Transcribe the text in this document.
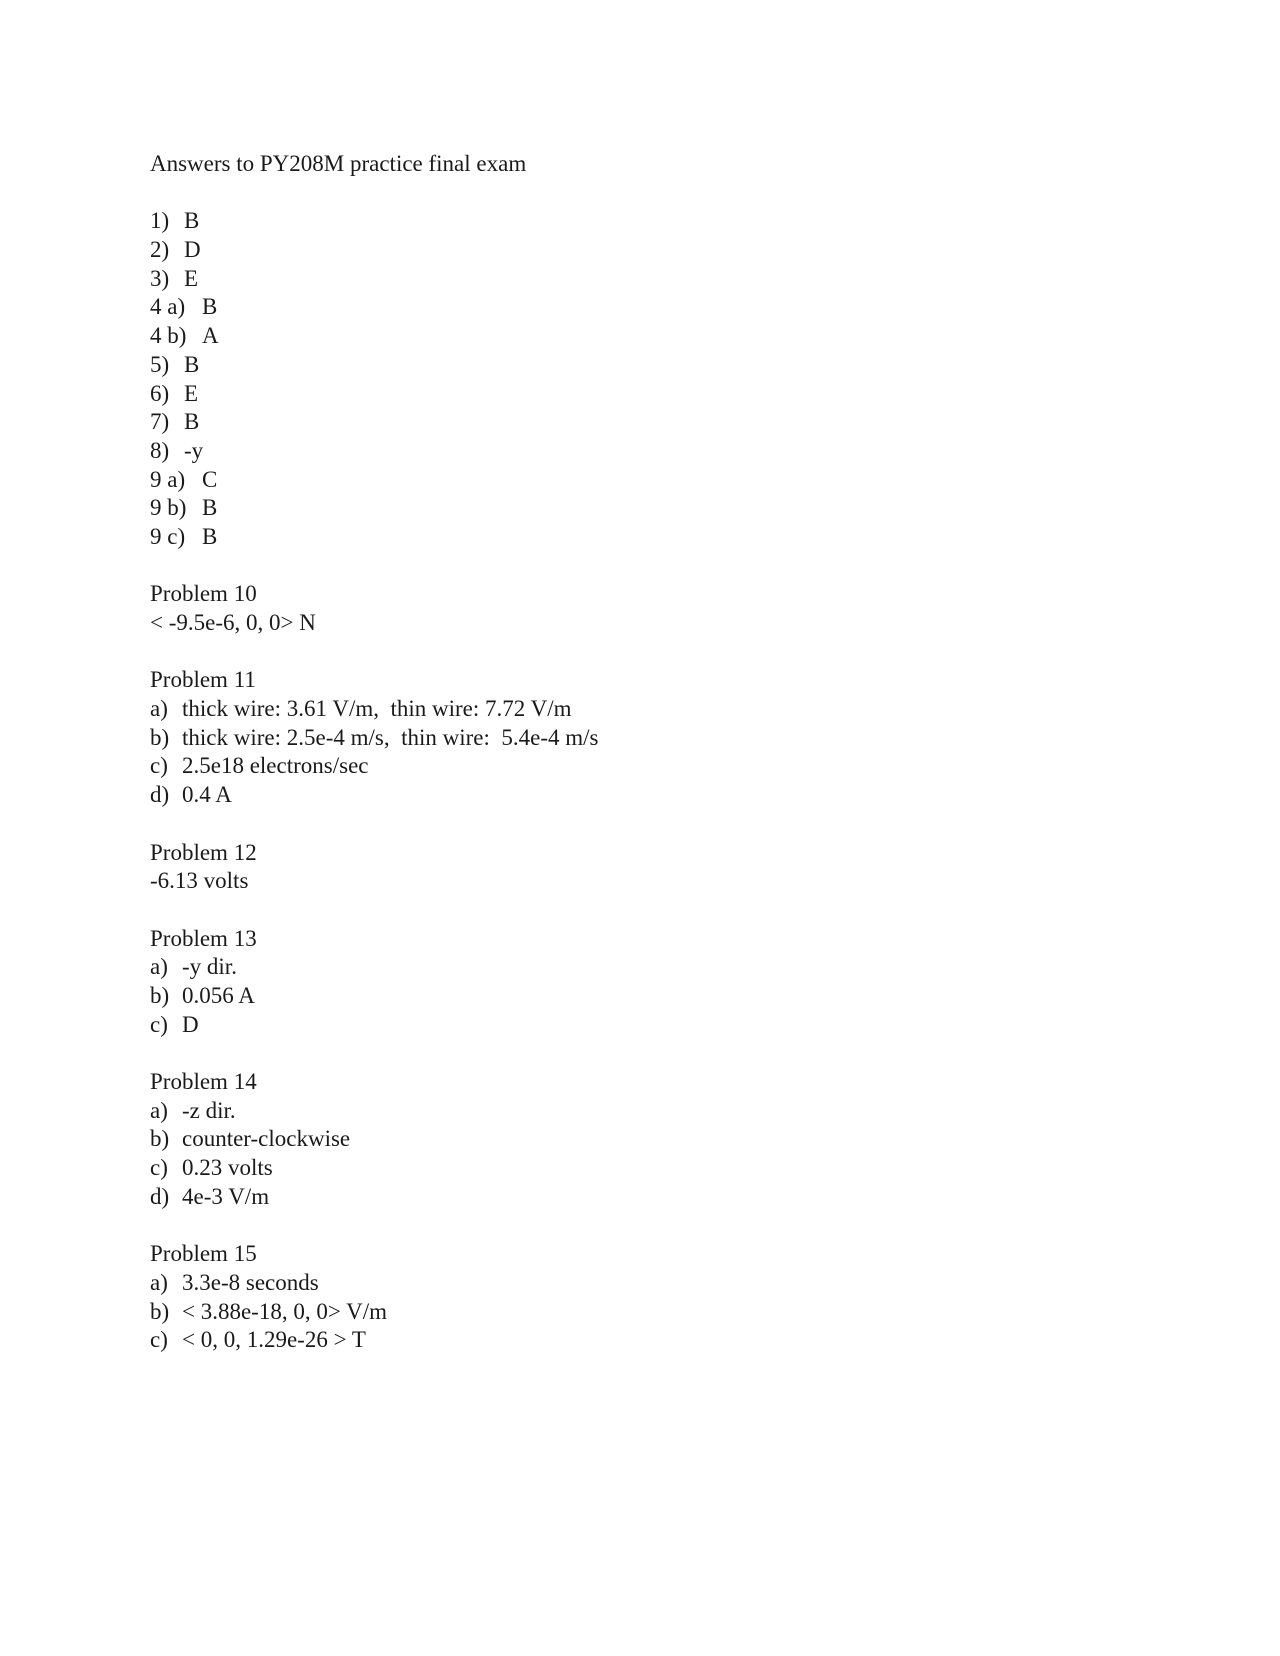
Answers to PY208M practice final exam
1) B
2) D
3) E
4 a) B
4 b) A
5) B
6) E
7) B
8) -y
9 a) C
9 b) B
9 c) B
Problem 10
< -9.5e-6, 0, 0> N
Problem 11
a) thick wire: 3.61 V/m,  thin wire: 7.72 V/m
b) thick wire: 2.5e-4 m/s,  thin wire:  5.4e-4 m/s
c) 2.5e18 electrons/sec
d) 0.4 A
Problem 12
-6.13 volts
Problem 13
a) -y dir.
b) 0.056 A
c) D
Problem 14
a) -z dir.
b) counter-clockwise
c) 0.23 volts
d) 4e-3 V/m
Problem 15
a) 3.3e-8 seconds
b) < 3.88e-18, 0, 0> V/m
c) < 0, 0, 1.29e-26 > T
